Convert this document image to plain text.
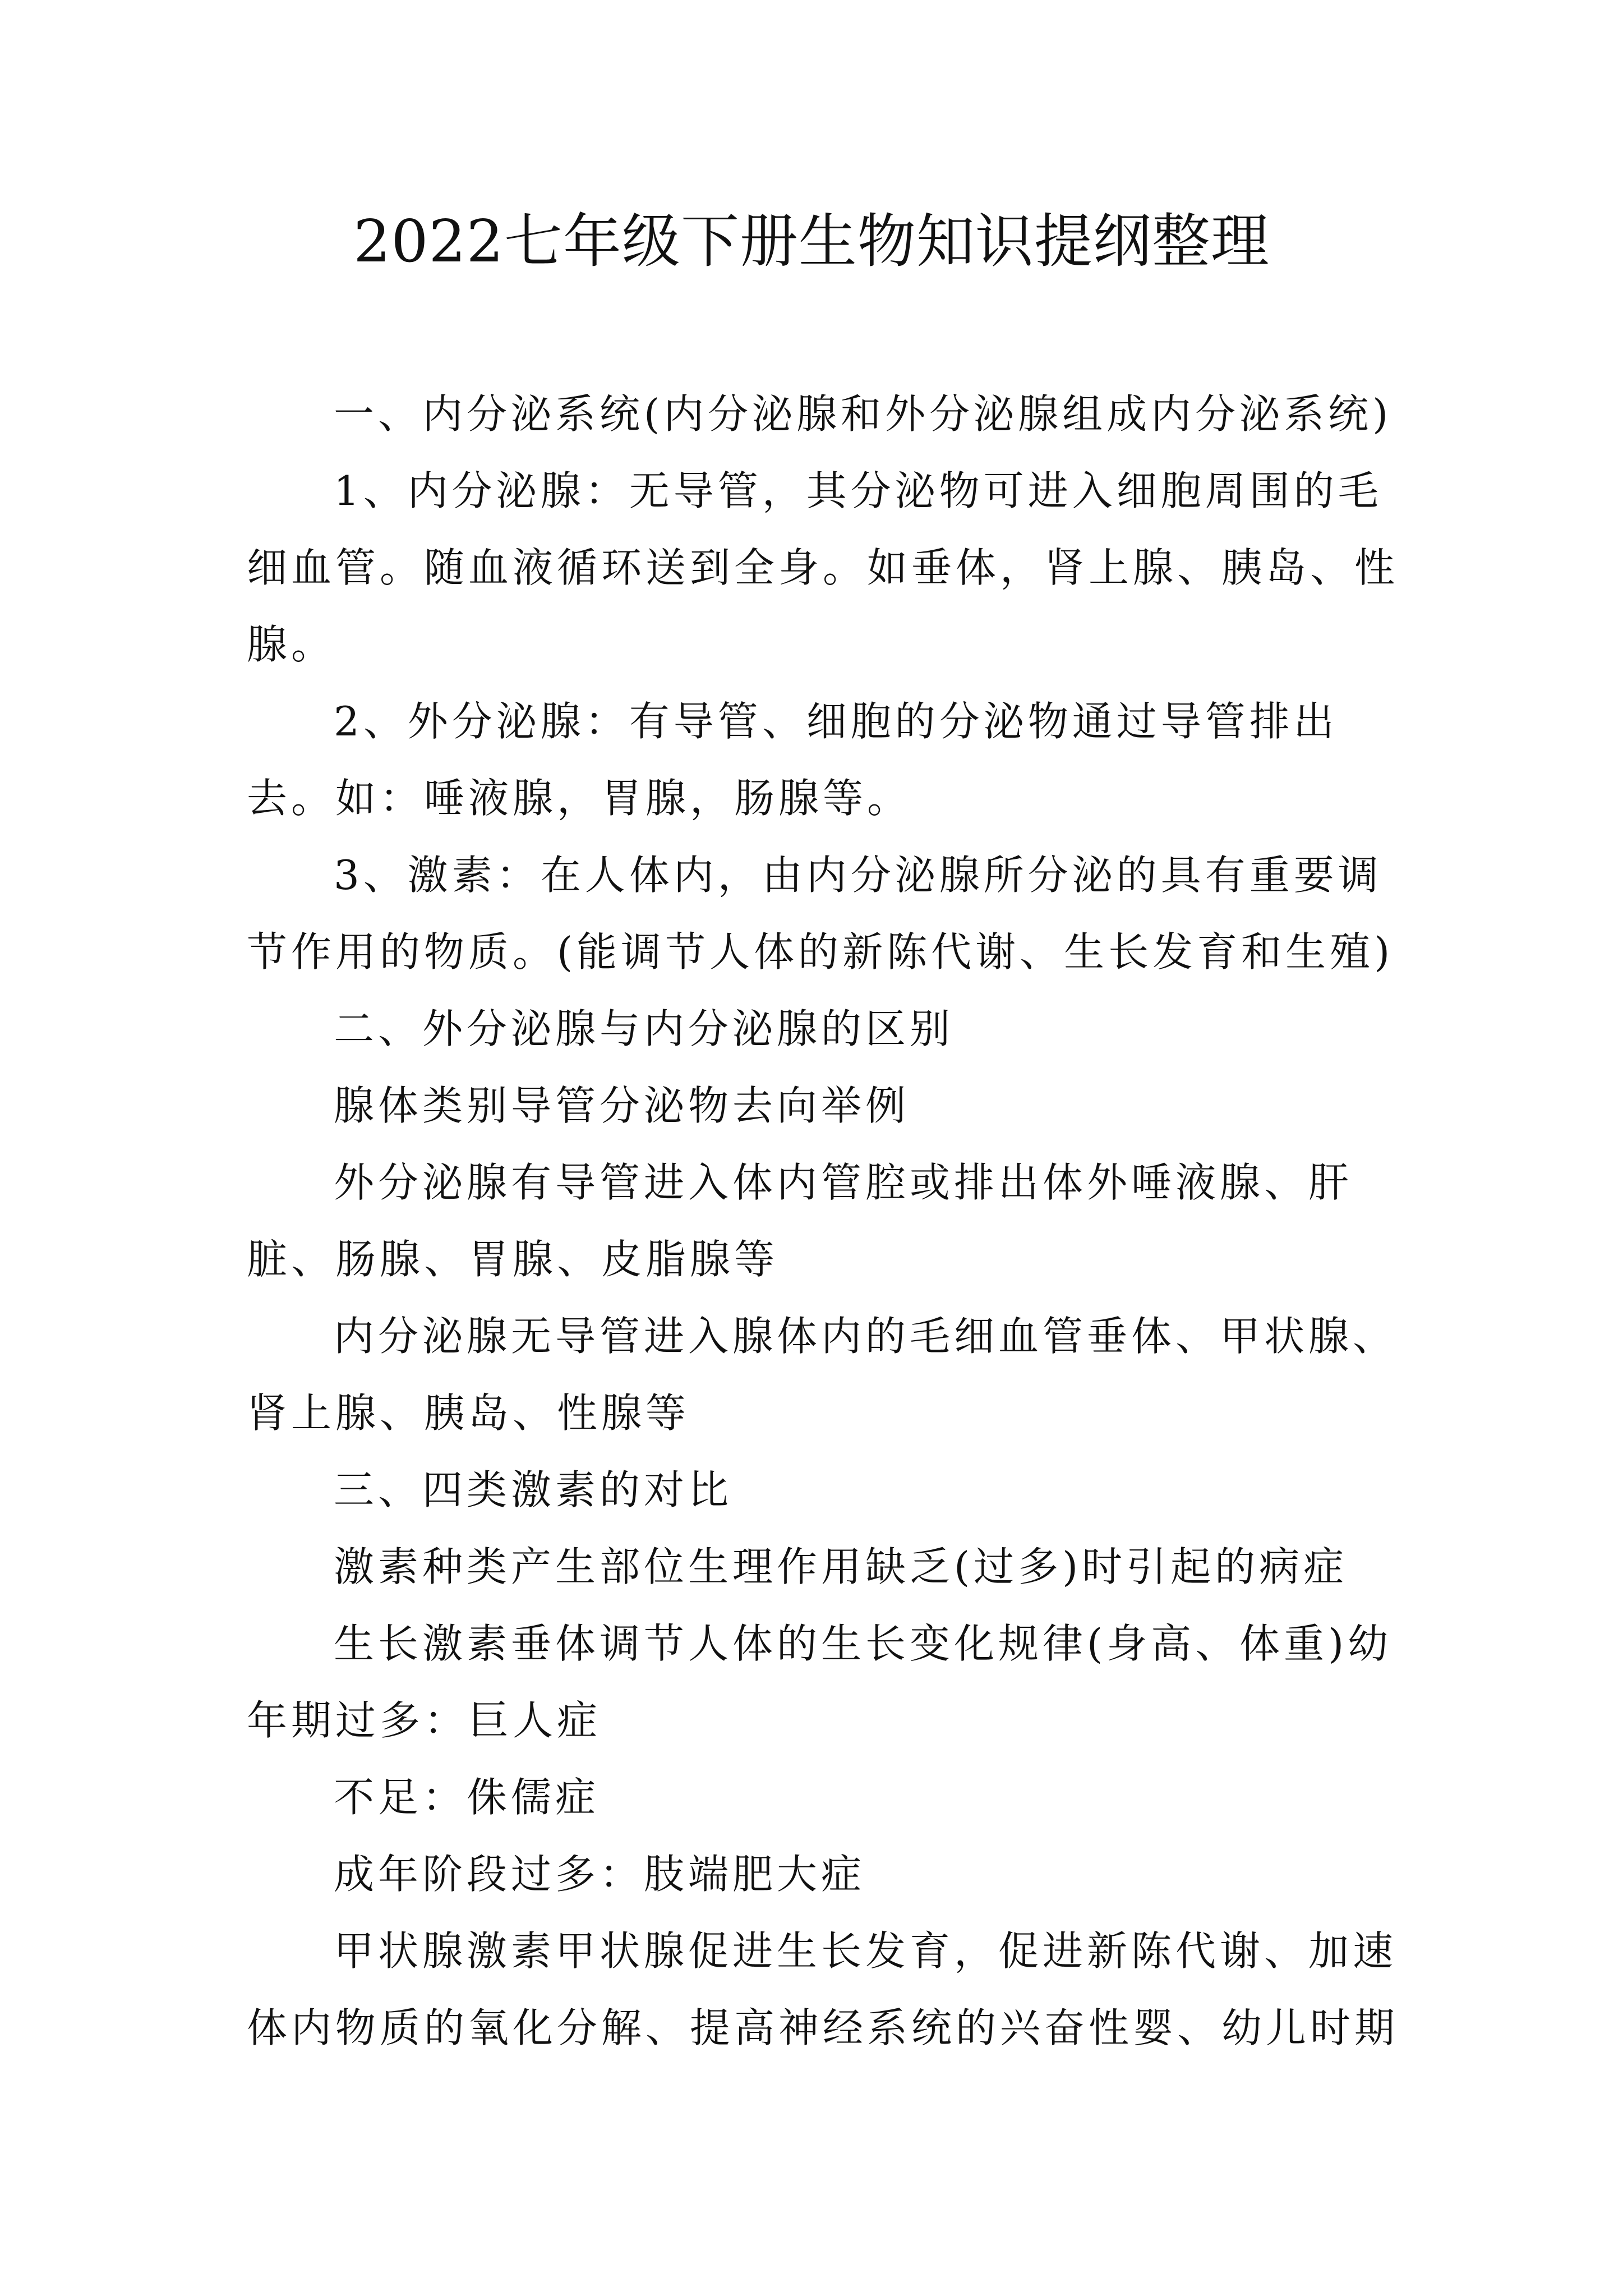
2022七年级下册生物知识提纲整理

一、内分泌系统(内分泌腺和外分泌腺组成内分泌系统)

1、内分泌腺：无导管，其分泌物可进入细胞周围的毛细血管。随血液循环送到全身。如垂体，肾上腺、胰岛、性腺。

2、外分泌腺：有导管、细胞的分泌物通过导管排出去。如：唾液腺，胃腺，肠腺等。

3、激素：在人体内，由内分泌腺所分泌的具有重要调节作用的物质。(能调节人体的新陈代谢、生长发育和生殖)

二、外分泌腺与内分泌腺的区别

腺体类别导管分泌物去向举例

外分泌腺有导管进入体内管腔或排出体外唾液腺、肝脏、肠腺、胃腺、皮脂腺等

内分泌腺无导管进入腺体内的毛细血管垂体、甲状腺、肾上腺、胰岛、性腺等

三、四类激素的对比

激素种类产生部位生理作用缺乏(过多)时引起的病症

生长激素垂体调节人体的生长变化规律(身高、体重)幼年期过多：巨人症

不足：侏儒症

成年阶段过多：肢端肥大症

甲状腺激素甲状腺促进生长发育，促进新陈代谢、加速体内物质的氧化分解、提高神经系统的兴奋性婴、幼儿时期
